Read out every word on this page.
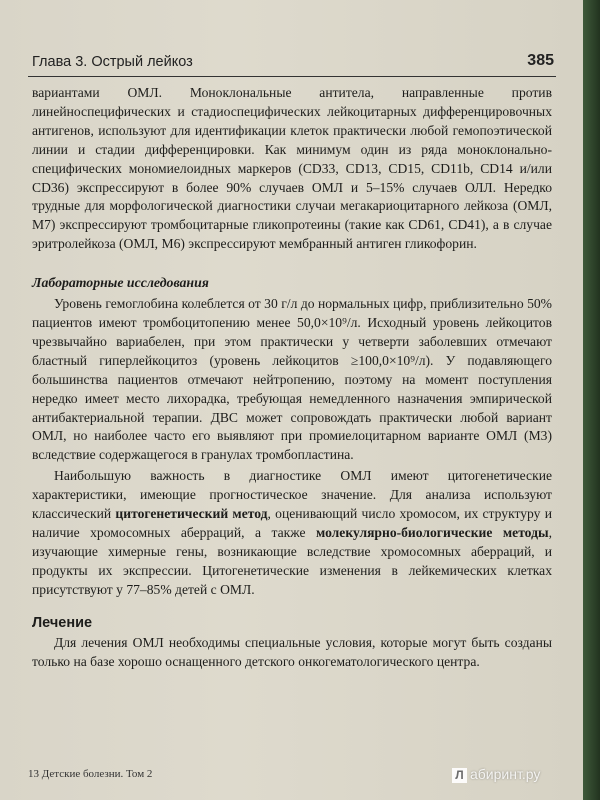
Глава 3. Острый лейкоз	385

вариантами ОМЛ. Моноклональные антитела, направленные против линейноспецифических и стадиоспецифических лейкоцитарных дифференцировочных антигенов, используют для идентификации клеток практически любой гемопоэтической линии и стадии дифференцировки. Как минимум один из ряда моноклонально-специфических мономиелоидных маркеров (CD33, CD13, CD15, CD11b, CD14 и/или CD36) экспрессируют в более 90% случаев ОМЛ и 5–15% случаев ОЛЛ. Нередко трудные для морфологической диагностики случаи мегакариоцитарного лейкоза (ОМЛ, М7) экспрессируют тромбоцитарные гликопротеины (такие как CD61, CD41), а в случае эритролейкоза (ОМЛ, М6) экспрессируют мембранный антиген гликофорин.

Лабораторные исследования

Уровень гемоглобина колеблется от 30 г/л до нормальных цифр, приблизительно 50% пациентов имеют тромбоцитопению менее 50,0×10⁹/л. Исходный уровень лейкоцитов чрезвычайно вариабелен, при этом практически у четверти заболевших отмечают бластный гиперлейкоцитоз (уровень лейкоцитов ≥100,0×10⁹/л). У подавляющего большинства пациентов отмечают нейтропению, поэтому на момент поступления нередко имеет место лихорадка, требующая немедленного назначения эмпирической антибактериальной терапии. ДВС может сопровождать практически любой вариант ОМЛ, но наиболее часто его выявляют при промиелоцитарном варианте ОМЛ (М3) вследствие содержащегося в гранулах тромбопластина.

Наибольшую важность в диагностике ОМЛ имеют цитогенетические характеристики, имеющие прогностическое значение. Для анализа используют классический цитогенетический метод, оценивающий число хромосом, их структуру и наличие хромосомных аберраций, а также молекулярно-биологические методы, изучающие химерные гены, возникающие вследствие хромосомных аберраций, и продукты их экспрессии. Цитогенетические изменения в лейкемических клетках присутствуют у 77–85% детей с ОМЛ.

Лечение

Для лечения ОМЛ необходимы специальные условия, которые могут быть созданы только на базе хорошо оснащенного детского онкогематологического центра.

13 Детские болезни. Том 2	Л абиринт.ру
